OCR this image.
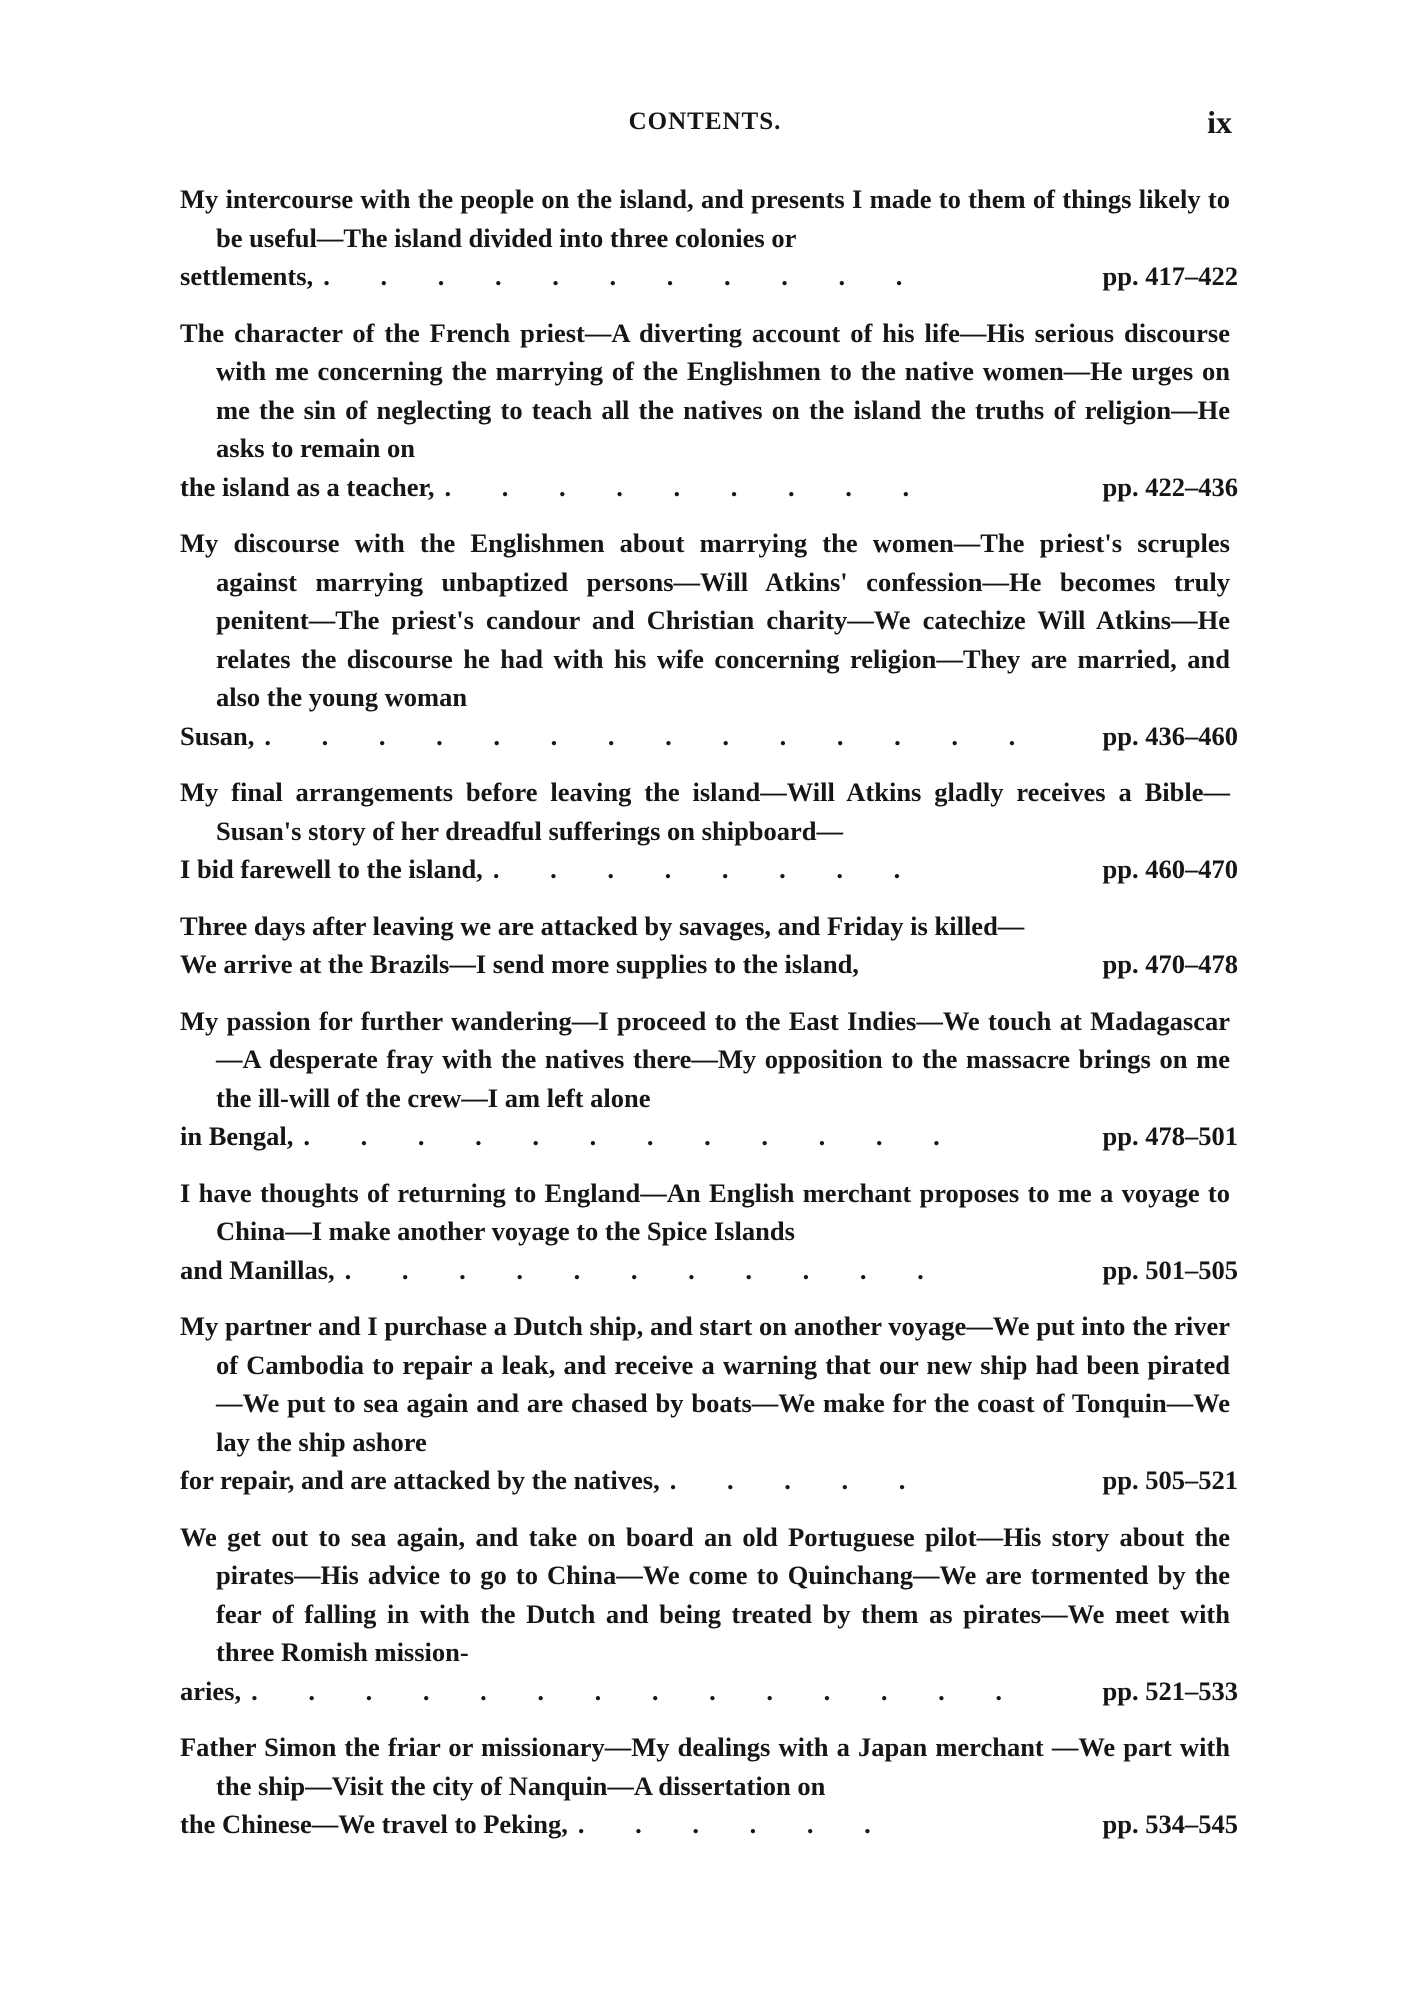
CONTENTS.	ix
My intercourse with the people on the island, and presents I made to them of things likely to be useful—The island divided into three colonies or
settlements, . . . . . . . . . . .	pp. 417–422
The character of the French priest—A diverting account of his life—His serious discourse with me concerning the marrying of the Englishmen to the native women—He urges on me the sin of neglecting to teach all the natives on the island the truths of religion—He asks to remain on
the island as a teacher, . . . . . . . . .	pp. 422–436
My discourse with the Englishmen about marrying the women—The priest's scruples against marrying unbaptized persons—Will Atkins' confession—He becomes truly penitent—The priest's candour and Christian charity—We catechize Will Atkins—He relates the discourse he had with his wife concerning religion—They are married, and also the young woman
Susan, . . . . . . . . . . . . . . pp. 436–460
My final arrangements before leaving the island—Will Atkins gladly receives a Bible—Susan's story of her dreadful sufferings on shipboard—
I bid farewell to the island, . . . . . . . .	pp. 460–470
Three days after leaving we are attacked by savages, and Friday is killed—
We arrive at the Brazils—I send more supplies to the island,	pp. 470–478
My passion for further wandering—I proceed to the East Indies—We touch at Madagascar—A desperate fray with the natives there—My opposition to the massacre brings on me the ill-will of the crew—I am left alone
in Bengal, . . . . . . . . . . . .	pp. 478–501
I have thoughts of returning to England—An English merchant proposes to me a voyage to China—I make another voyage to the Spice Islands
and Manillas, . . . . . . . . . . .	pp. 501–505
My partner and I purchase a Dutch ship, and start on another voyage—We put into the river of Cambodia to repair a leak, and receive a warning that our new ship had been pirated—We put to sea again and are chased by boats—We make for the coast of Tonquin—We lay the ship ashore
for repair, and are attacked by the natives, . . . . .	pp. 505–521
We get out to sea again, and take on board an old Portuguese pilot—His story about the pirates—His advice to go to China—We come to Quinchang—We are tormented by the fear of falling in with the Dutch and being treated by them as pirates—We meet with three Romish mission-
aries, . . . . . . . . . . . . . .	pp. 521–533
Father Simon the friar or missionary—My dealings with a Japan merchant —We part with the ship—Visit the city of Nanquin—A dissertation on
the Chinese—We travel to Peking, . . . . . .	pp. 534–545
